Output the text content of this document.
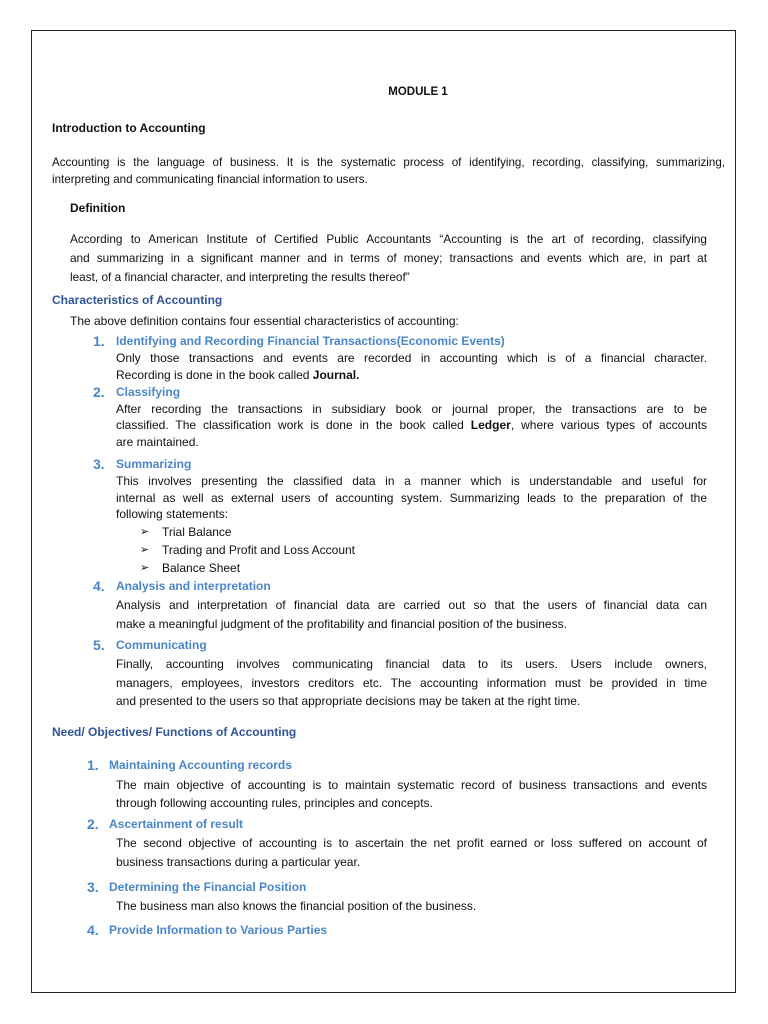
MODULE 1
Introduction to Accounting
Accounting is the language of business. It is the systematic process of identifying, recording, classifying, summarizing,
interpreting and communicating financial information to users.
Definition
According to American Institute of Certified Public Accountants “Accounting is the art of recording, classifying
and summarizing in a significant manner and in terms of money; transactions and events which are, in part at
least, of a financial character, and interpreting the results thereof”
Characteristics of Accounting
The above definition contains four essential characteristics of accounting:
1. Identifying and Recording Financial Transactions(Economic Events)
Only those transactions and events are recorded in accounting which is of a financial character.
Recording is done in the book called Journal.
2. Classifying
After recording the transactions in subsidiary book or journal proper, the transactions are to be
classified. The classification work is done in the book called Ledger, where various types of accounts
are maintained.
3. Summarizing
This involves presenting the classified data in a manner which is understandable and useful for
internal as well as external users of accounting system. Summarizing leads to the preparation of the
following statements:
➢ Trial Balance
➢ Trading and Profit and Loss Account
➢ Balance Sheet
4. Analysis and interpretation
Analysis and interpretation of financial data are carried out so that the users of financial data can
make a meaningful judgment of the profitability and financial position of the business.
5. Communicating
Finally, accounting involves communicating financial data to its users. Users include owners,
managers, employees, investors creditors etc. The accounting information must be provided in time
and presented to the users so that appropriate decisions may be taken at the right time.
Need/ Objectives/ Functions of Accounting
1. Maintaining Accounting records
The main objective of accounting is to maintain systematic record of business transactions and events
through following accounting rules, principles and concepts.
2. Ascertainment of result
The second objective of accounting is to ascertain the net profit earned or loss suffered on account of
business transactions during a particular year.
3. Determining the Financial Position
The business man also knows the financial position of the business.
4. Provide Information to Various Parties
